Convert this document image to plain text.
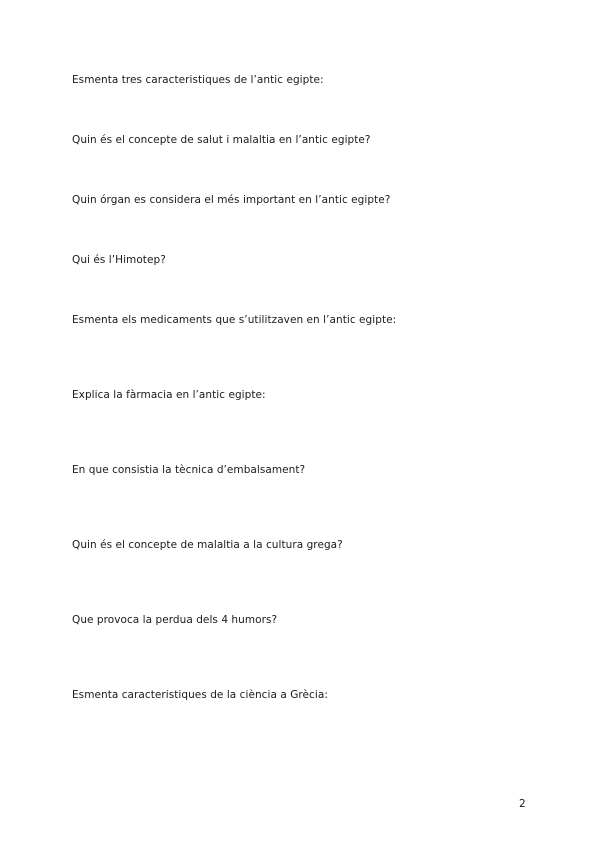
Esmenta tres caracteristiques de l’antic egipte:

Quin és el concepte de salut i malaltia en l’antic egipte?

Quin órgan es considera el més important en l’antic egipte?

Qui és l’Himotep?

Esmenta els medicaments que s’utilitzaven en l’antic egipte:

Explica la fàrmacia en l’antic egipte:

En que consistia la tècnica d’embalsament?

Quin és el concepte de malaltia a la cultura grega?

Que provoca la perdua dels 4 humors?

Esmenta caracteristiques de la ciència a Grècia:

2
